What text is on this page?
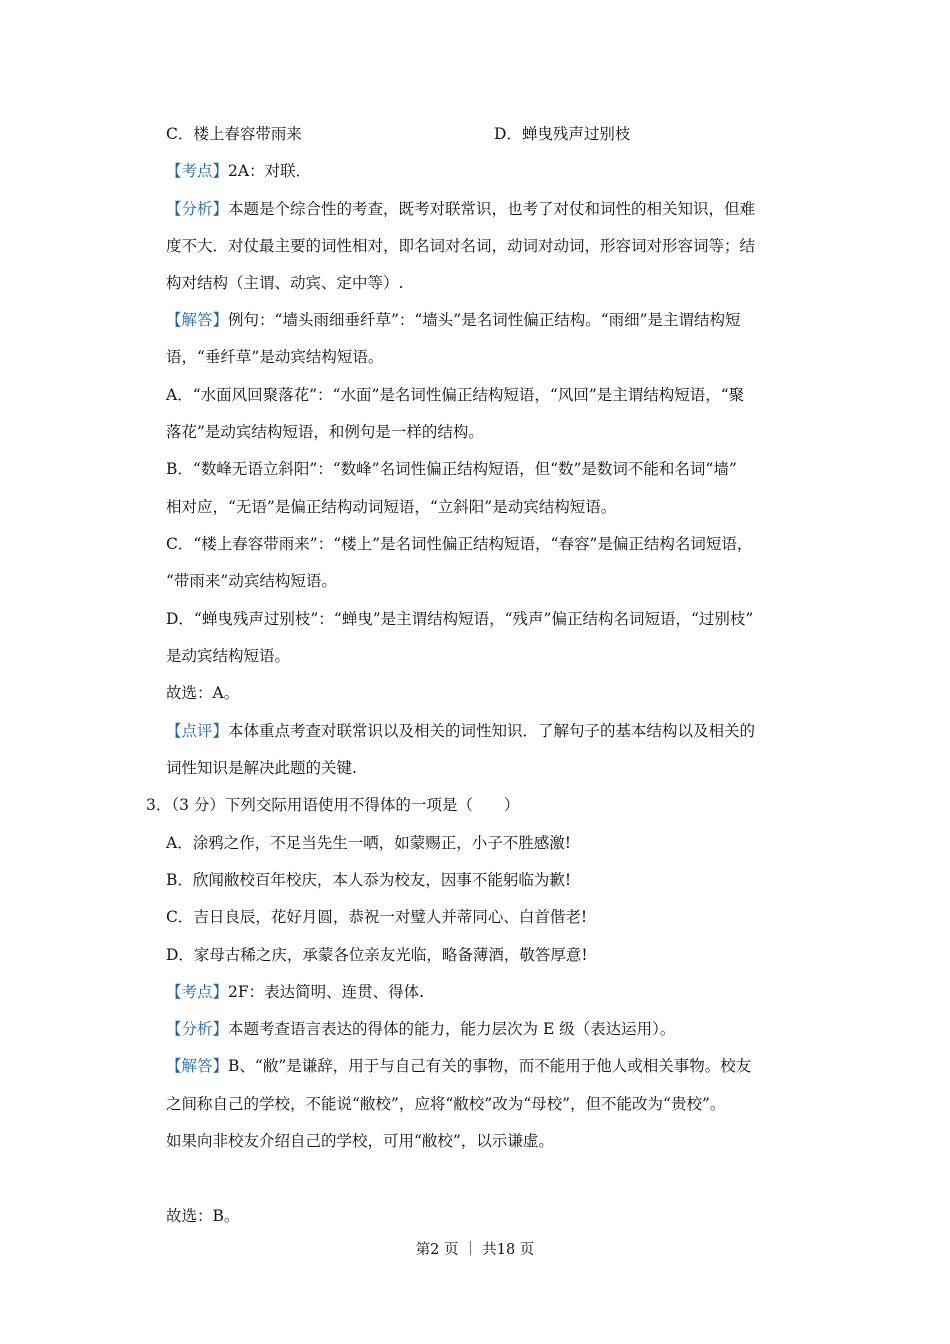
C．楼上春容带雨来	D．蝉曳残声过别枝
【考点】2A：对联．
【分析】本题是个综合性的考查，既考对联常识，也考了对仗和词性的相关知识，但难
度不大．对仗最主要的词性相对，即名词对名词，动词对动词，形容词对形容词等；结
构对结构（主谓、动宾、定中等）.
【解答】例句：“墙头雨细垂纤草”：“墙头”是名词性偏正结构。“雨细”是主谓结构短
语，“垂纤草”是动宾结构短语。
A．“水面风回聚落花”：“水面”是名词性偏正结构短语，“风回”是主谓结构短语，“聚
落花”是动宾结构短语，和例句是一样的结构。
B．“数峰无语立斜阳”：“数峰”名词性偏正结构短语，但“数”是数词不能和名词“墙”
相对应，“无语”是偏正结构动词短语，“立斜阳”是动宾结构短语。
C．“楼上春容带雨来”：“楼上”是名词性偏正结构短语，“春容”是偏正结构名词短语，
“带雨来”动宾结构短语。
D．“蝉曳残声过别枝”：“蝉曳”是主谓结构短语，“残声”偏正结构名词短语，“过别枝”
是动宾结构短语。
故选：A。
【点评】本体重点考查对联常识以及相关的词性知识．了解句子的基本结构以及相关的
词性知识是解决此题的关键.
3．（3 分）下列交际用语使用不得体的一项是（　　）
A．涂鸦之作，不足当先生一哂，如蒙赐正，小子不胜感激!
B．欣闻敝校百年校庆，本人忝为校友，因事不能躬临为歉!
C．吉日良辰，花好月圆，恭祝一对璧人并蒂同心、白首偕老!
D．家母古稀之庆，承蒙各位亲友光临，略备薄酒，敬答厚意!
【考点】2F：表达简明、连贯、得体.
【分析】本题考查语言表达的得体的能力，能力层次为 E 级（表达运用）。
【解答】B、“敝”是谦辞，用于与自己有关的事物，而不能用于他人或相关事物。校友
之间称自己的学校，不能说“敝校”，应将“敝校”改为“母校”，但不能改为“贵校”。
如果向非校友介绍自己的学校，可用“敝校”，以示谦虚。
故选：B。
第2 页 ｜ 共18 页
